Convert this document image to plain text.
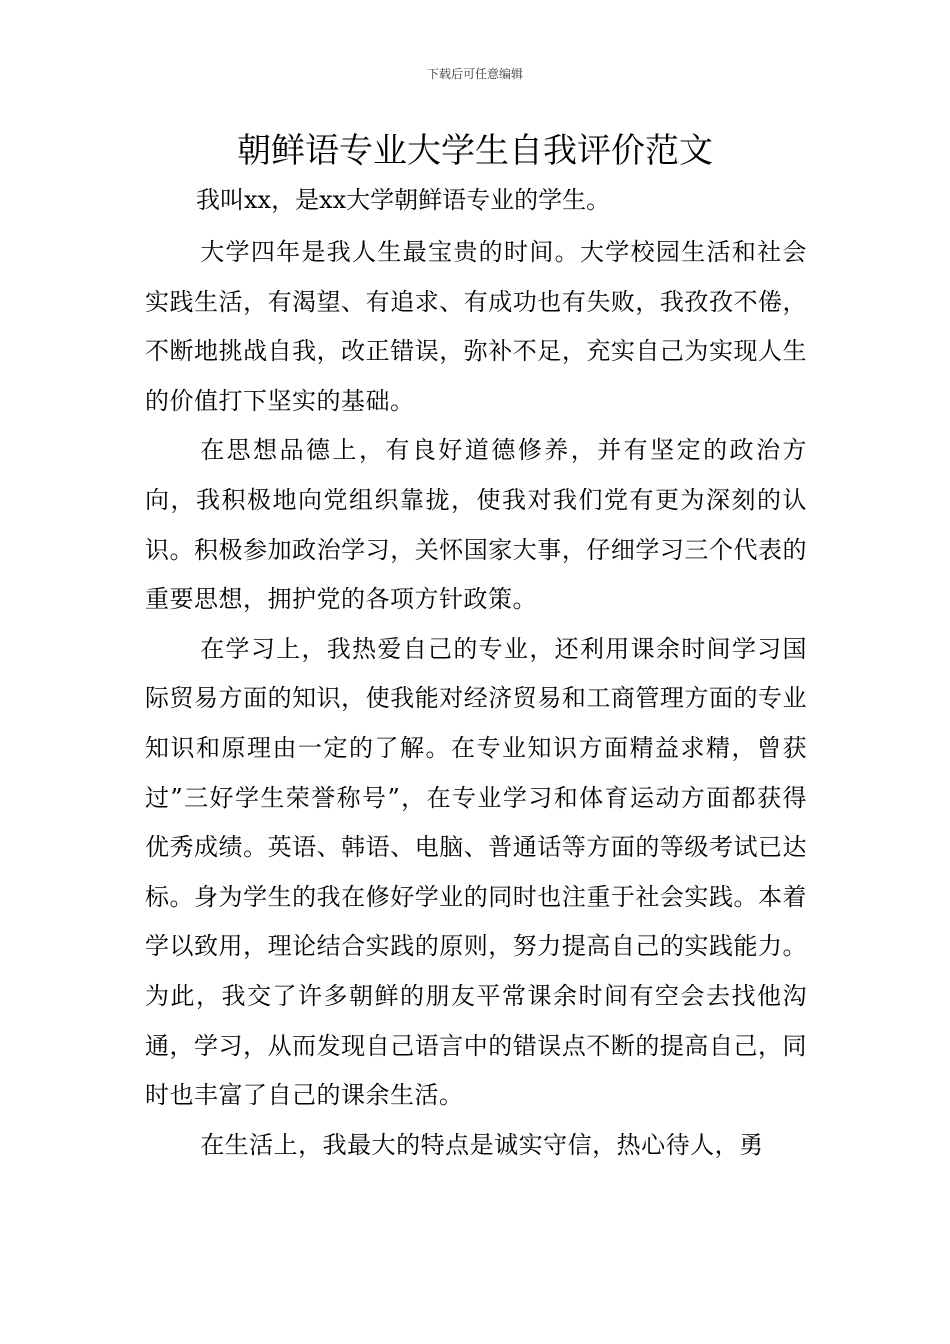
下载后可任意编辑
朝鲜语专业大学生自我评价范文

我叫xx，是xx大学朝鲜语专业的学生。

大学四年是我人生最宝贵的时间。大学校园生活和社会实践生活，有渴望、有追求、有成功也有失败，我孜孜不倦，不断地挑战自我，改正错误，弥补不足，充实自己为实现人生的价值打下坚实的基础。

在思想品德上，有良好道德修养，并有坚定的政治方向，我积极地向党组织靠拢，使我对我们党有更为深刻的认识。积极参加政治学习，关怀国家大事，仔细学习三个代表的重要思想，拥护党的各项方针政策。

在学习上，我热爱自己的专业，还利用课余时间学习国际贸易方面的知识，使我能对经济贸易和工商管理方面的专业知识和原理由一定的了解。在专业知识方面精益求精，曾获过”三好学生荣誉称号”，在专业学习和体育运动方面都获得优秀成绩。英语、韩语、电脑、普通话等方面的等级考试已达标。身为学生的我在修好学业的同时也注重于社会实践。本着学以致用，理论结合实践的原则，努力提高自己的实践能力。为此，我交了许多朝鲜的朋友平常课余时间有空会去找他沟通，学习，从而发现自己语言中的错误点不断的提高自己，同时也丰富了自己的课余生活。

在生活上，我最大的特点是诚实守信，热心待人，勇
